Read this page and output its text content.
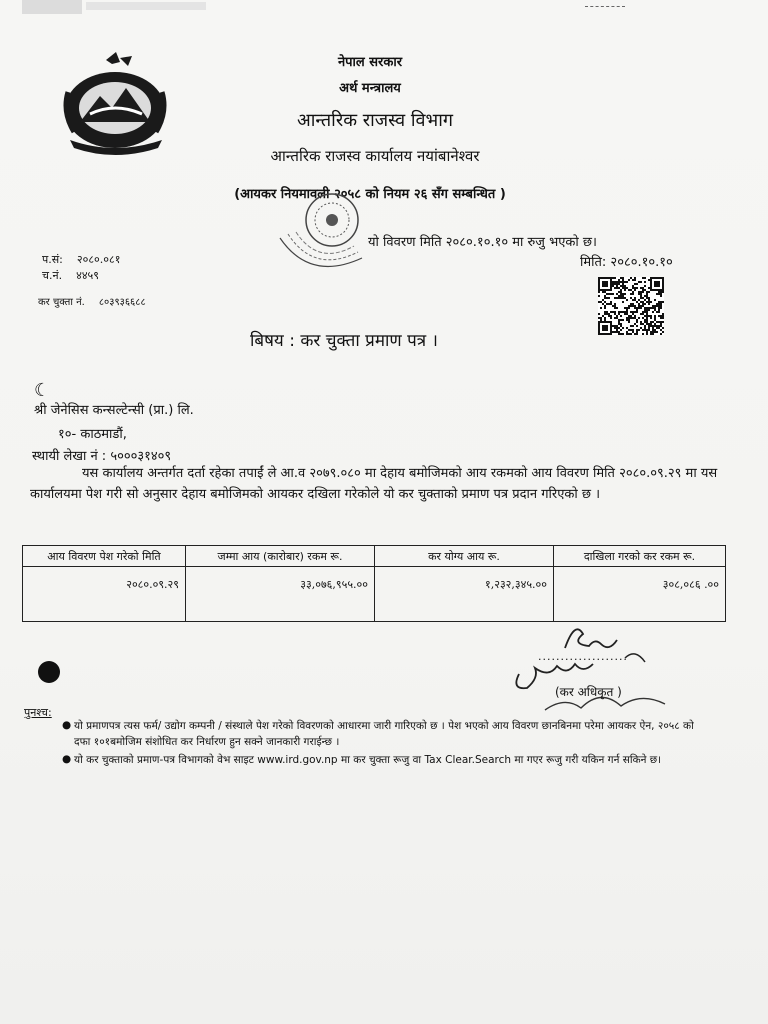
नेपाल सरकार
अर्थ मन्त्रालय
आन्तरिक राजस्व विभाग
आन्तरिक राजस्व कार्यालय नयांबानेश्वर
(आयकर नियमावली २०५८ को नियम २६ सँग सम्बन्धित )
प.सं: २०८०.०८१
च.नं. ४४५९
कर चुक्ता नं. ८०३९३६६८८
यो विवरण मिति २०८०.१०.१० मा रुजु भएको छ।
मिति: २०८०.१०.१०
बिषय : कर चुक्ता प्रमाण पत्र ।
☾
श्री जेनेसिस कन्सल्टेन्सी (प्रा.) लि.
१०- काठमाडौं,
स्थायी लेखा नं : ५०००३१४०९
यस कार्यालय अन्तर्गत दर्ता रहेका तपाईं ले आ.व २०७९.०८० मा देहाय बमोजिमको आय रकमको आय विवरण मिति २०८०.०९.२९ मा यस कार्यालयमा पेश गरी सो अनुसार देहाय बमोजिमको आयकर दखिला गरेकोले यो कर चुक्ताको प्रमाण पत्र प्रदान गरिएको छ ।
आय विवरण पेश गरेको मिति	जम्मा आय (कारोबार) रकम रू.	कर योग्य आय रू.	दाखिला गरको कर रकम रू.
२०८०.०९.२९	३३,०७६,९५५.००	१,२३२,३४५.००	३०८,०८६ .००
....................
(कर अधिकृत )
पुनश्च:
● यो प्रमाणपत्र त्यस फर्म/ उद्योग कम्पनी / संस्थाले पेश गरेको विवरणको आधारमा जारी गारिएको छ । पेश भएको आय विवरण छानबिनमा परेमा आयकर ऐन, २०५८ को दफा १०१बमोजिम संशोधित कर निर्धारण हुन सक्ने जानकारी गराईन्छ ।
● यो कर चुक्ताको प्रमाण-पत्र विभागको वेभ साइट www.ird.gov.np मा कर चुक्ता रूजु वा Tax Clear.Search मा गएर रूजु गरी यकिन गर्न सकिने छ।
